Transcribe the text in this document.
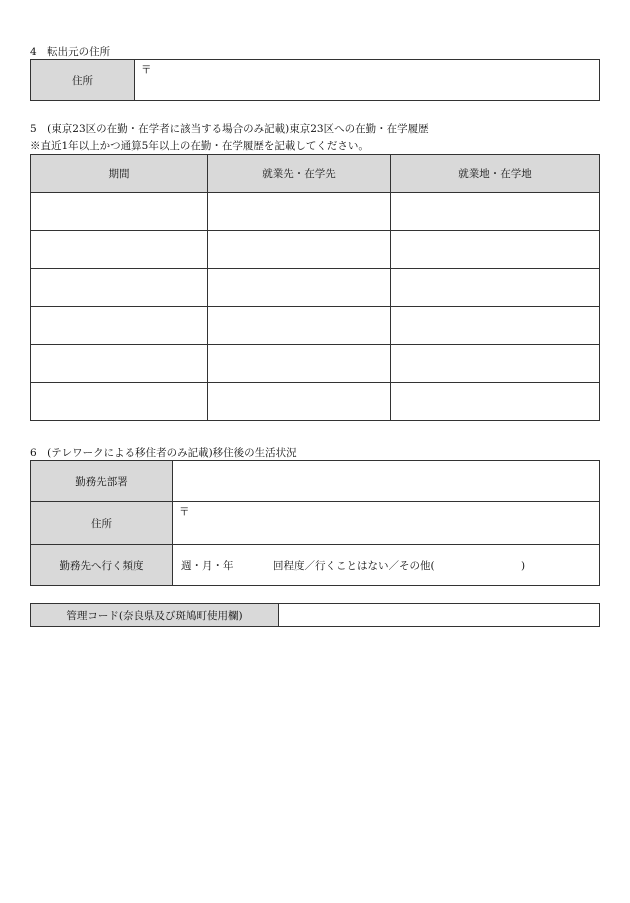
4　転出元の住所
住所	〒
5　(東京23区の在勤・在学者に該当する場合のみ記載)東京23区への在勤・在学履歴
※直近1年以上かつ通算5年以上の在勤・在学履歴を記載してください。
期間	就業先・在学先	就業地・在学地

6　(テレワークによる移住者のみ記載)移住後の生活状況
勤務先部署	
住所	〒
勤務先へ行く頻度	週・月・年 回程度／行くことはない／その他( )
管理コード(奈良県及び斑鳩町使用欄)	
